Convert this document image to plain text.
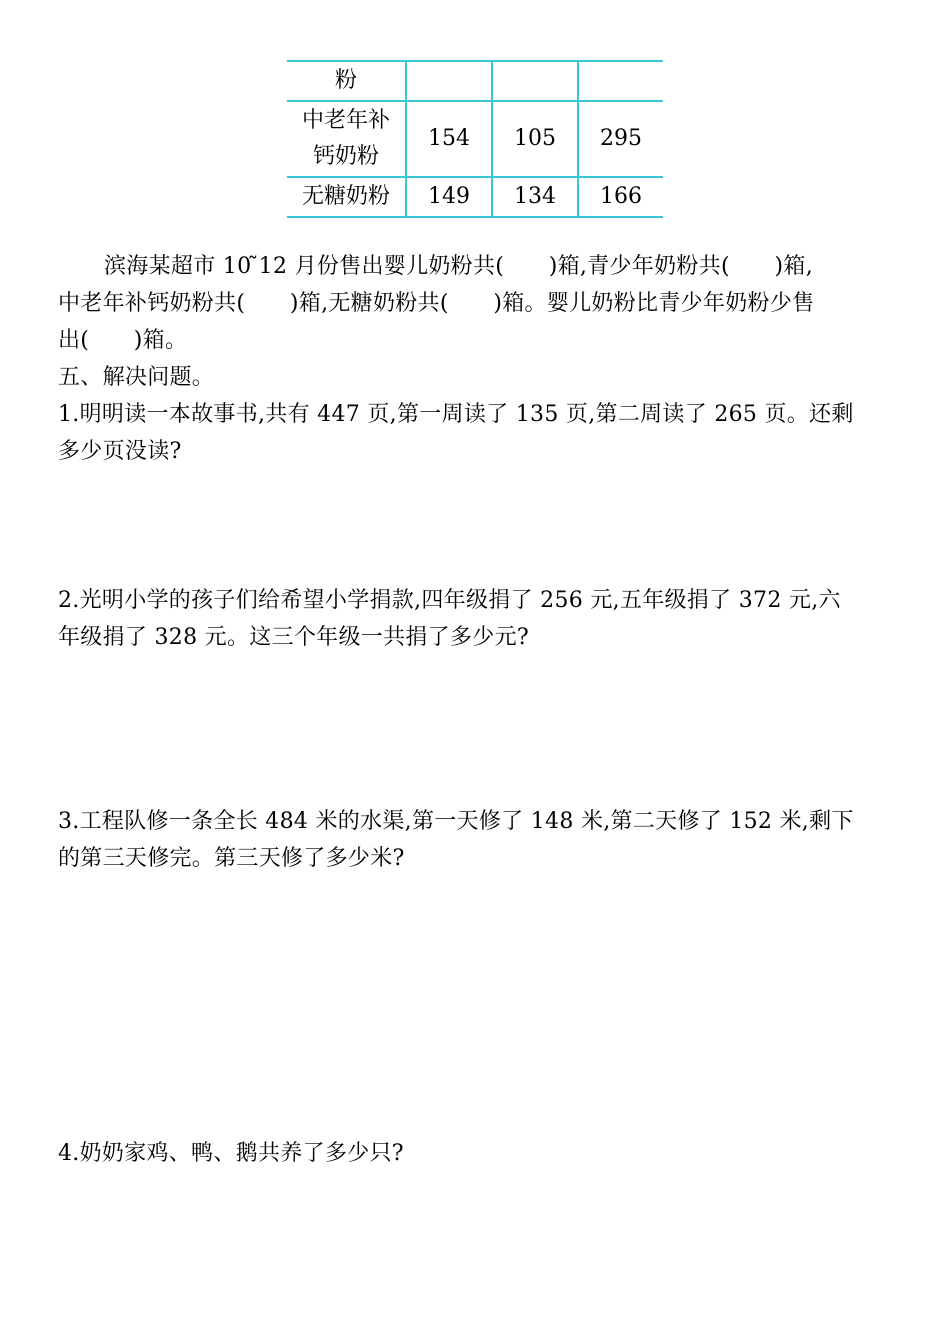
粉			

中老年补
钙奶粉	154	105	295
无糖奶粉	149	134	166
滨海某超市 10 ̃12 月份售出婴儿奶粉共(　　)箱,青少年奶粉共(　　)箱,
中老年补钙奶粉共(　　)箱,无糖奶粉共(　　)箱。婴儿奶粉比青少年奶粉少售
出(　　)箱。
五、解决问题。
1.明明读一本故事书,共有 447 页,第一周读了 135 页,第二周读了 265 页。还剩
多少页没读?
2.光明小学的孩子们给希望小学捐款,四年级捐了 256 元,五年级捐了 372 元,六
年级捐了 328 元。这三个年级一共捐了多少元?
3.工程队修一条全长 484 米的水渠,第一天修了 148 米,第二天修了 152 米,剩下
的第三天修完。第三天修了多少米?
4.奶奶家鸡、鸭、鹅共养了多少只?
